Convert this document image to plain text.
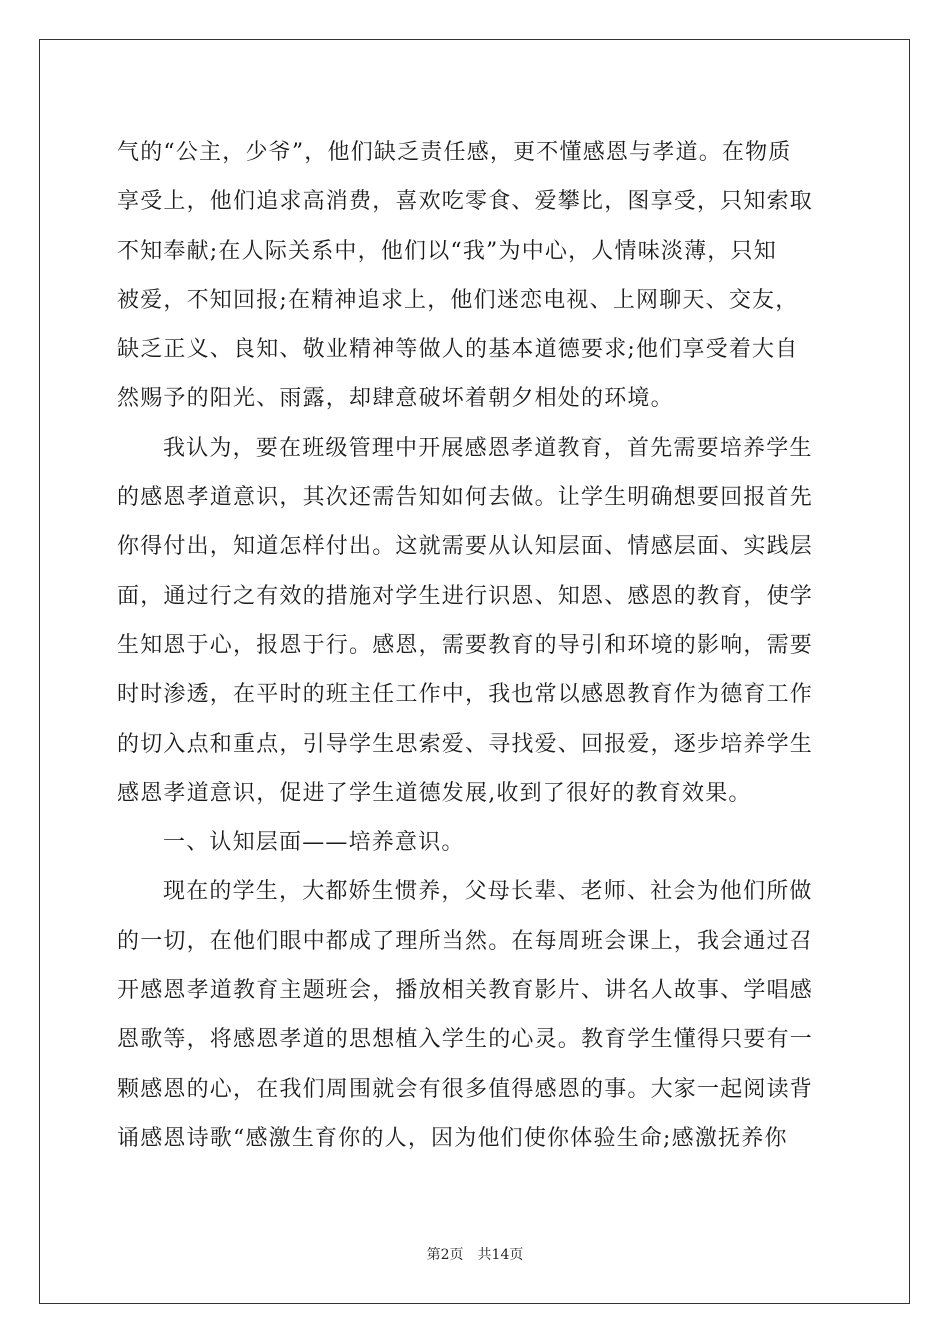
气的“公主，少爷”，他们缺乏责任感，更不懂感恩与孝道。在物质
享受上，他们追求高消费，喜欢吃零食、爱攀比，图享受，只知索取
不知奉献;在人际关系中，他们以“我”为中心，人情味淡薄，只知
被爱，不知回报;在精神追求上，他们迷恋电视、上网聊天、交友，
缺乏正义、良知、敬业精神等做人的基本道德要求;他们享受着大自
然赐予的阳光、雨露，却肆意破坏着朝夕相处的环境。
我认为，要在班级管理中开展感恩孝道教育，首先需要培养学生
的感恩孝道意识，其次还需告知如何去做。让学生明确想要回报首先
你得付出，知道怎样付出。这就需要从认知层面、情感层面、实践层
面，通过行之有效的措施对学生进行识恩、知恩、感恩的教育，使学
生知恩于心，报恩于行。感恩，需要教育的导引和环境的影响，需要
时时渗透，在平时的班主任工作中，我也常以感恩教育作为德育工作
的切入点和重点，引导学生思索爱、寻找爱、回报爱，逐步培养学生
感恩孝道意识，促进了学生道德发展,收到了很好的教育效果。
一、认知层面——培养意识。
现在的学生，大都娇生惯养，父母长辈、老师、社会为他们所做
的一切，在他们眼中都成了理所当然。在每周班会课上，我会通过召
开感恩孝道教育主题班会，播放相关教育影片、讲名人故事、学唱感
恩歌等，将感恩孝道的思想植入学生的心灵。教育学生懂得只要有一
颗感恩的心，在我们周围就会有很多值得感恩的事。大家一起阅读背
诵感恩诗歌“感激生育你的人，因为他们使你体验生命;感激抚养你
第2页　共14页
